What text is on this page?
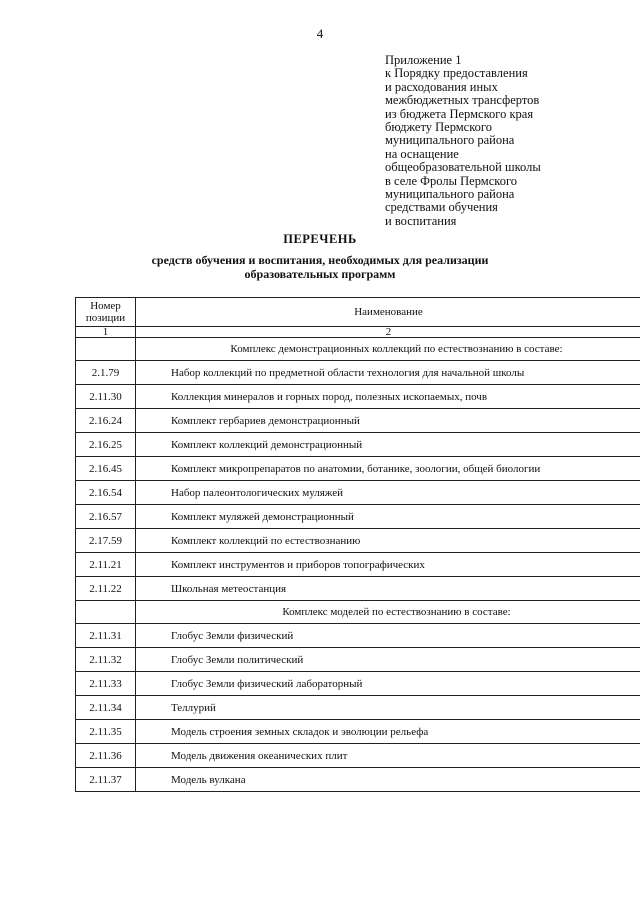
4
Приложение 1
к Порядку предоставления
и расходования иных
межбюджетных трансфертов
из бюджета Пермского края
бюджету Пермского
муниципального района
на оснащение
общеобразовательной школы
в селе Фролы Пермского
муниципального района
средствами обучения
и воспитания
ПЕРЕЧЕНЬ
средств обучения и воспитания, необходимых для реализации
образовательных программ
Номер
позиции	Наименование
1	2
	Комплекс демонстрационных коллекций по естествознанию в составе:
2.1.79	Набор коллекций по предметной области технология для начальной школы
2.11.30	Коллекция минералов и горных пород, полезных ископаемых, почв
2.16.24	Комплект гербариев демонстрационный
2.16.25	Комплект коллекций демонстрационный
2.16.45	Комплект микропрепаратов по анатомии, ботанике, зоологии, общей биологии
2.16.54	Набор палеонтологических муляжей
2.16.57	Комплект муляжей демонстрационный
2.17.59	Комплект коллекций по естествознанию
2.11.21	Комплект инструментов и приборов топографических
2.11.22	Школьная метеостанция
	Комплекс моделей по естествознанию в составе:
2.11.31	Глобус Земли физический
2.11.32	Глобус Земли политический
2.11.33	Глобус Земли физический лабораторный
2.11.34	Теллурий
2.11.35	Модель строения земных складок и эволюции рельефа
2.11.36	Модель движения океанических плит
2.11.37	Модель вулкана
